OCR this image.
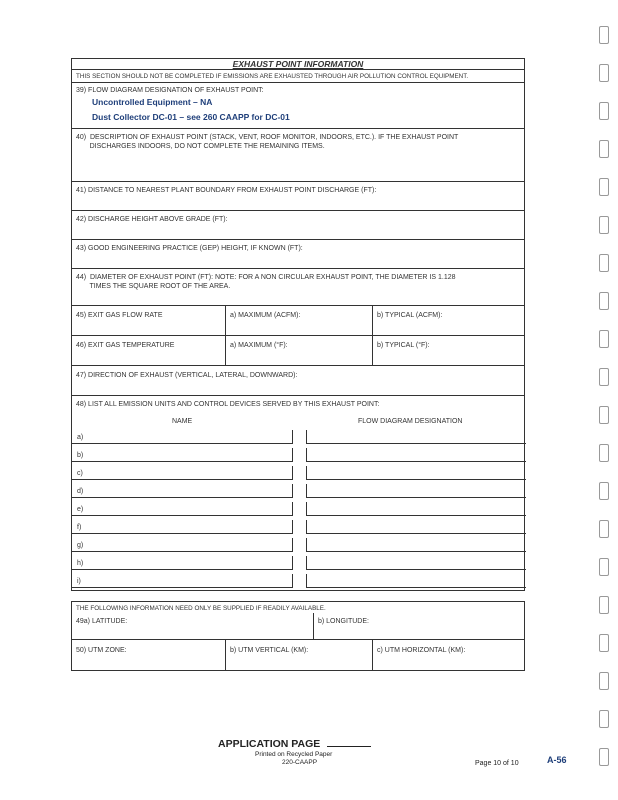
EXHAUST POINT INFORMATION
THIS SECTION SHOULD NOT BE COMPLETED IF EMISSIONS ARE EXHAUSTED THROUGH AIR POLLUTION CONTROL EQUIPMENT.
39) FLOW DIAGRAM DESIGNATION OF EXHAUST POINT:
Uncontrolled Equipment – NA
Dust Collector DC-01 – see 260 CAAPP for DC-01
40)  DESCRIPTION OF EXHAUST POINT (STACK, VENT, ROOF MONITOR, INDOORS, ETC.). IF THE EXHAUST POINT
DISCHARGES INDOORS, DO NOT COMPLETE THE REMAINING ITEMS.
41) DISTANCE TO NEAREST PLANT BOUNDARY FROM EXHAUST POINT DISCHARGE (FT):
42) DISCHARGE HEIGHT ABOVE GRADE (FT):
43) GOOD ENGINEERING PRACTICE (GEP) HEIGHT, IF KNOWN (FT):
44)  DIAMETER OF EXHAUST POINT (FT): NOTE: FOR A NON CIRCULAR EXHAUST POINT, THE DIAMETER IS 1.128
TIMES THE SQUARE ROOT OF THE AREA.
45) EXIT GAS FLOW RATE	a) MAXIMUM (ACFM):	b) TYPICAL (ACFM):
46) EXIT GAS TEMPERATURE	a) MAXIMUM (°F):	b) TYPICAL (°F):
47) DIRECTION OF EXHAUST (VERTICAL, LATERAL, DOWNWARD):
48) LIST ALL EMISSION UNITS AND CONTROL DEVICES SERVED BY THIS EXHAUST POINT:
NAME	FLOW DIAGRAM DESIGNATION
a)
b)
c)
d)
e)
f)
g)
h)
i)
THE FOLLOWING INFORMATION NEED ONLY BE SUPPLIED IF READILY AVAILABLE.
49a) LATITUDE:	b) LONGITUDE:
50) UTM ZONE:	b) UTM VERTICAL (KM):	c) UTM HORIZONTAL (KM):
APPLICATION PAGE
Printed on Recycled Paper
220-CAAPP	Page 10 of 10	A-56
